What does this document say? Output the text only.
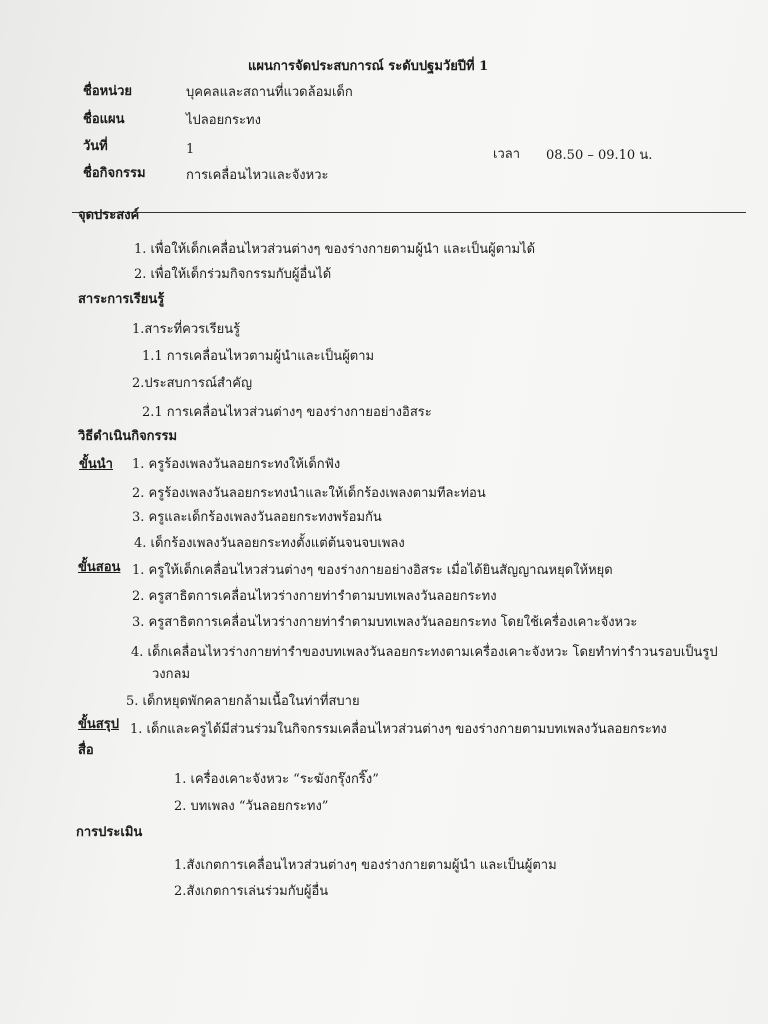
แผนการจัดประสบการณ์ ระดับปฐมวัยปีที่ 1
ชื่อหน่วย	บุคคลและสถานที่แวดล้อมเด็ก
ชื่อแผน	ไปลอยกระทง
วันที่	1	เวลา 08.50 – 09.10 น.
ชื่อกิจกรรม	การเคลื่อนไหวและจังหวะ
จุดประสงค์
1. เพื่อให้เด็กเคลื่อนไหวส่วนต่างๆ ของร่างกายตามผู้นำ และเป็นผู้ตามได้
2. เพื่อให้เด็กร่วมกิจกรรมกับผู้อื่นได้
สาระการเรียนรู้
1.สาระที่ควรเรียนรู้
1.1 การเคลื่อนไหวตามผู้นำและเป็นผู้ตาม
2.ประสบการณ์สำคัญ
2.1 การเคลื่อนไหวส่วนต่างๆ ของร่างกายอย่างอิสระ
วิธีดำเนินกิจกรรม
ขั้นนำ 1. ครูร้องเพลงวันลอยกระทงให้เด็กฟัง
2. ครูร้องเพลงวันลอยกระทงนำและให้เด็กร้องเพลงตามทีละท่อน
3. ครูและเด็กร้องเพลงวันลอยกระทงพร้อมกัน
4. เด็กร้องเพลงวันลอยกระทงตั้งแต่ต้นจนจบเพลง
ขั้นสอน 1. ครูให้เด็กเคลื่อนไหวส่วนต่างๆ ของร่างกายอย่างอิสระ เมื่อได้ยินสัญญาณหยุดให้หยุด
2. ครูสาธิตการเคลื่อนไหวร่างกายท่ารำตามบทเพลงวันลอยกระทง
3. ครูสาธิตการเคลื่อนไหวร่างกายท่ารำตามบทเพลงวันลอยกระทง โดยใช้เครื่องเคาะจังหวะ
4. เด็กเคลื่อนไหวร่างกายท่ารำของบทเพลงวันลอยกระทงตามเครื่องเคาะจังหวะ โดยทำท่ารำวนรอบเป็นรูป
วงกลม
5. เด็กหยุดพักคลายกล้ามเนื้อในท่าที่สบาย
ขั้นสรุป 1. เด็กและครูได้มีส่วนร่วมในกิจกรรมเคลื่อนไหวส่วนต่างๆ ของร่างกายตามบทเพลงวันลอยกระทง
สื่อ
1. เครื่องเคาะจังหวะ “ระฆังกรุ๊งกริ๊ง”
2. บทเพลง “วันลอยกระทง”
การประเมิน
1.สังเกตการเคลื่อนไหวส่วนต่างๆ ของร่างกายตามผู้นำ และเป็นผู้ตาม
2.สังเกตการเล่นร่วมกับผู้อื่น
